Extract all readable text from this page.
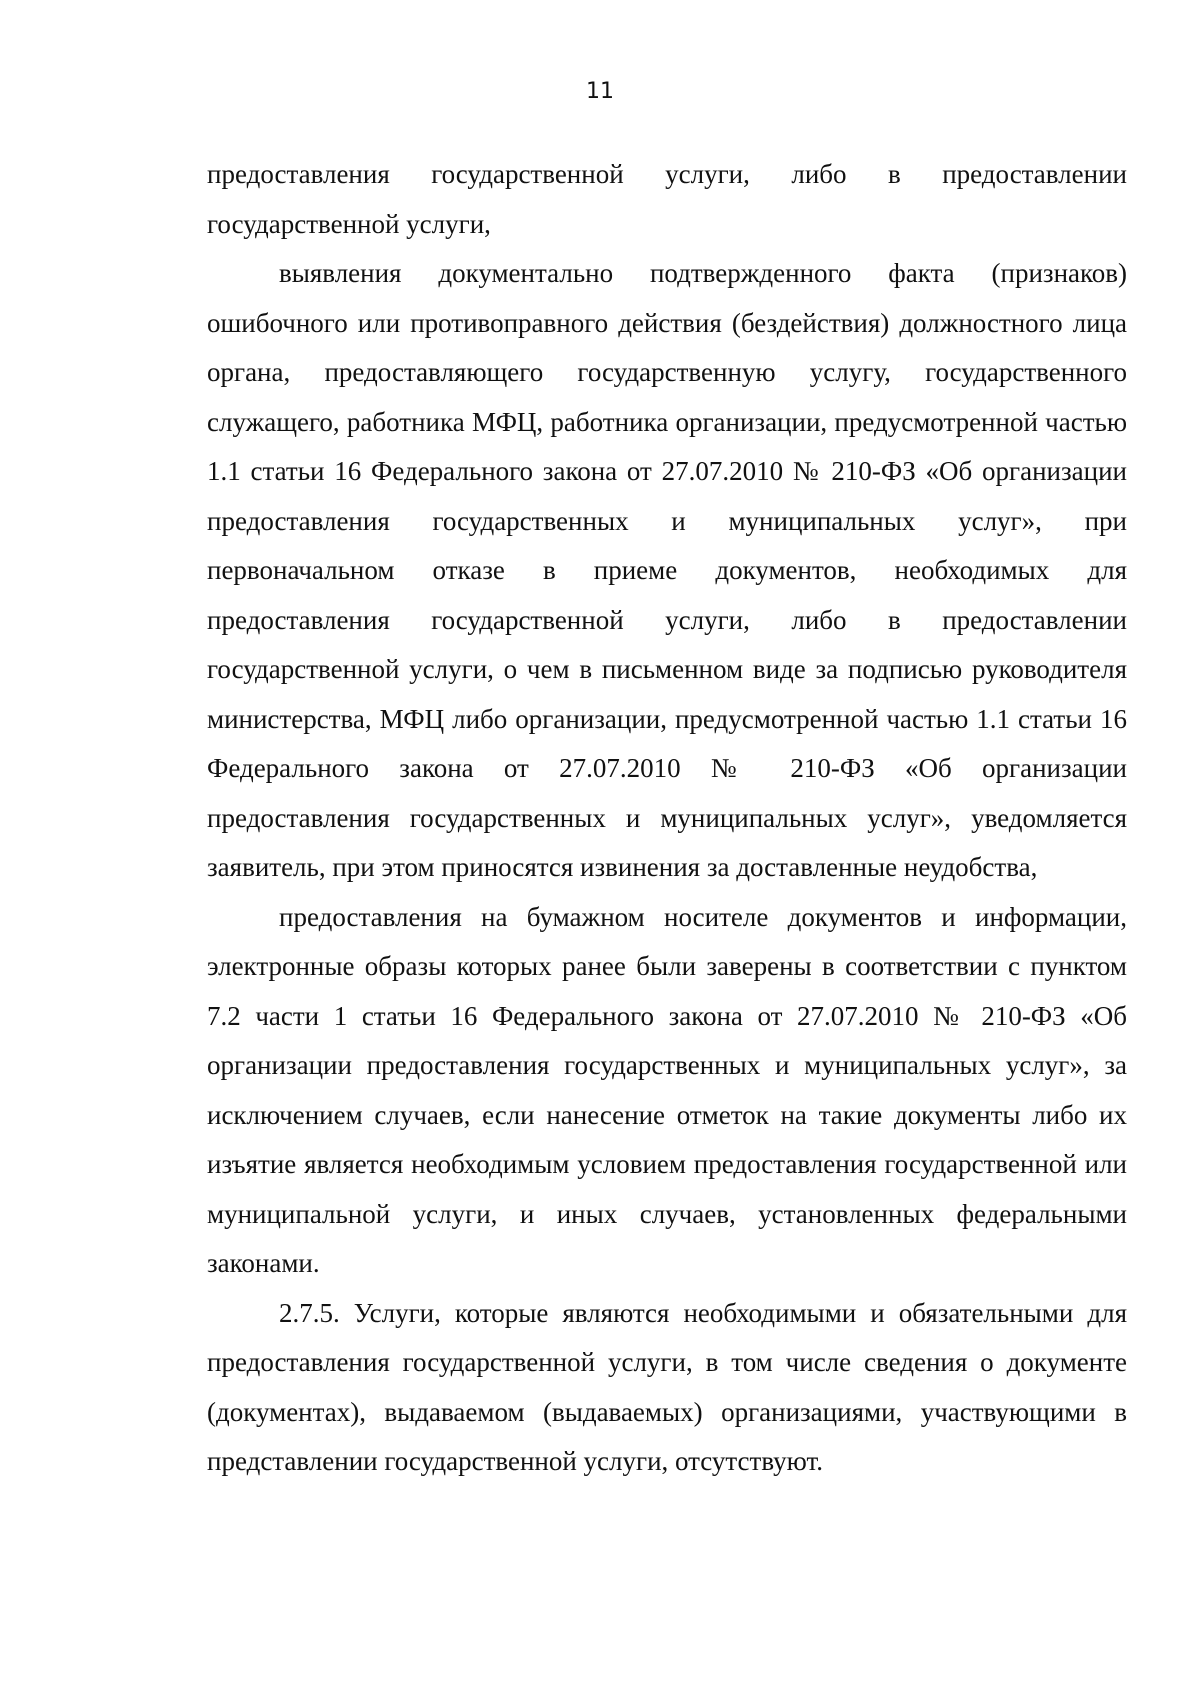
11

предоставления государственной услуги, либо в предоставлении государственной услуги,

выявления документально подтвержденного факта (признаков) ошибочного или противоправного действия (бездействия) должностного лица органа, предоставляющего государственную услугу, государственного служащего, работника МФЦ, работника организации, предусмотренной частью 1.1 статьи 16 Федерального закона от 27.07.2010 № 210-ФЗ «Об организации предоставления государственных и муниципальных услуг», при первоначальном отказе в приеме документов, необходимых для предоставления государственной услуги, либо в предоставлении государственной услуги, о чем в письменном виде за подписью руководителя министерства, МФЦ либо организации, предусмотренной частью 1.1 статьи 16 Федерального закона от 27.07.2010 № 210-ФЗ «Об организации предоставления государственных и муниципальных услуг», уведомляется заявитель, при этом приносятся извинения за доставленные неудобства,

предоставления на бумажном носителе документов и информации, электронные образы которых ранее были заверены в соответствии с пунктом 7.2 части 1 статьи 16 Федерального закона от 27.07.2010 № 210-ФЗ «Об организации предоставления государственных и муниципальных услуг», за исключением случаев, если нанесение отметок на такие документы либо их изъятие является необходимым условием предоставления государственной или муниципальной услуги, и иных случаев, установленных федеральными законами.

2.7.5. Услуги, которые являются необходимыми и обязательными для предоставления государственной услуги, в том числе сведения о документе (документах), выдаваемом (выдаваемых) организациями, участвующими в представлении государственной услуги, отсутствуют.
